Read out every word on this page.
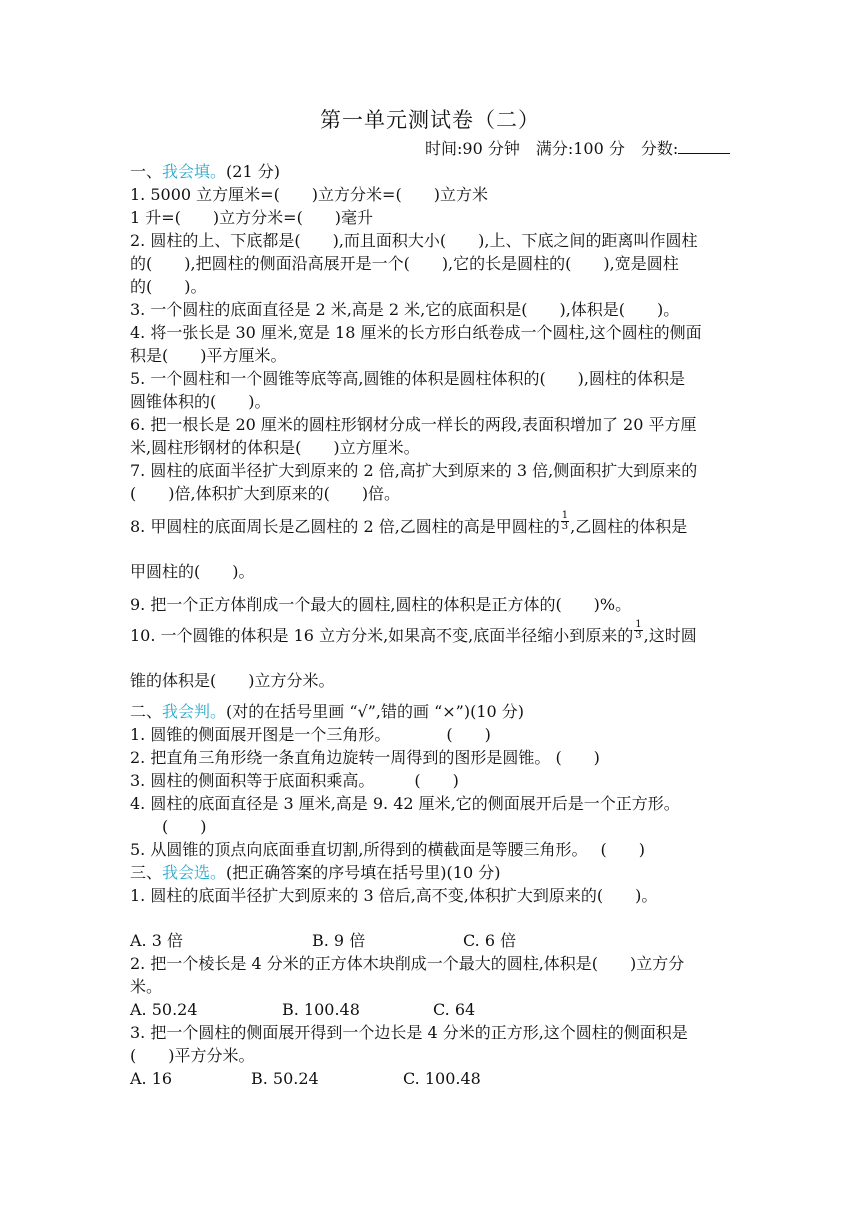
第一单元测试卷（二）
时间:90 分钟　满分:100 分　分数:
一、我会填。(21 分)
1. 5000 立方厘米=(　　)立方分米=(　　)立方米
1 升=(　　)立方分米=(　　)毫升
2. 圆柱的上、下底都是(　　),而且面积大小(　　),上、下底之间的距离叫作圆柱
的(　　),把圆柱的侧面沿高展开是一个(　　),它的长是圆柱的(　　),宽是圆柱
的(　　)。
3. 一个圆柱的底面直径是 2 米,高是 2 米,它的底面积是(　　),体积是(　　)。
4. 将一张长是 30 厘米,宽是 18 厘米的长方形白纸卷成一个圆柱,这个圆柱的侧面
积是(　　)平方厘米。
5. 一个圆柱和一个圆锥等底等高,圆锥的体积是圆柱体积的(　　),圆柱的体积是
圆锥体积的(　　)。
6. 把一根长是 20 厘米的圆柱形钢材分成一样长的两段,表面积增加了 20 平方厘
米,圆柱形钢材的体积是(　　)立方厘米。
7. 圆柱的底面半径扩大到原来的 2 倍,高扩大到原来的 3 倍,侧面积扩大到原来的
(　　)倍,体积扩大到原来的(　　)倍。
8. 甲圆柱的底面周长是乙圆柱的 2 倍,乙圆柱的高是甲圆柱的 $\frac{1}{3}$ ,乙圆柱的体积是
甲圆柱的(　　)。
9. 把一个正方体削成一个最大的圆柱,圆柱的体积是正方体的(　　)%。
10. 一个圆锥的体积是 16 立方分米,如果高不变,底面半径缩小到原来的 $\frac{1}{3}$ ,这时圆
锥的体积是(　　)立方分米。
二、我会判。(对的在括号里画 “√”,错的画 “×”)(10 分)
1. 圆锥的侧面展开图是一个三角形。　　　　(　　)
2. 把直角三角形绕一条直角边旋转一周得到的图形是圆锥。 (　　)
3. 圆柱的侧面积等于底面积乘高。　　　(　　)
4. 圆柱的底面直径是 3 厘米,高是 9. 42 厘米,它的侧面展开后是一个正方形。
　　(　　)
5. 从圆锥的顶点向底面垂直切割,所得到的横截面是等腰三角形。　 (　　)
三、我会选。(把正确答案的序号填在括号里)(10 分)
1. 圆柱的底面半径扩大到原来的 3 倍后,高不变,体积扩大到原来的(　　)。
A. 3 倍	B. 9 倍	C. 6 倍
2. 把一个棱长是 4 分米的正方体木块削成一个最大的圆柱,体积是(　　)立方分
米。
A. 50.24	B. 100.48	C. 64
3. 把一个圆柱的侧面展开得到一个边长是 4 分米的正方形,这个圆柱的侧面积是
(　　)平方分米。
A. 16	B. 50.24	C. 100.48
